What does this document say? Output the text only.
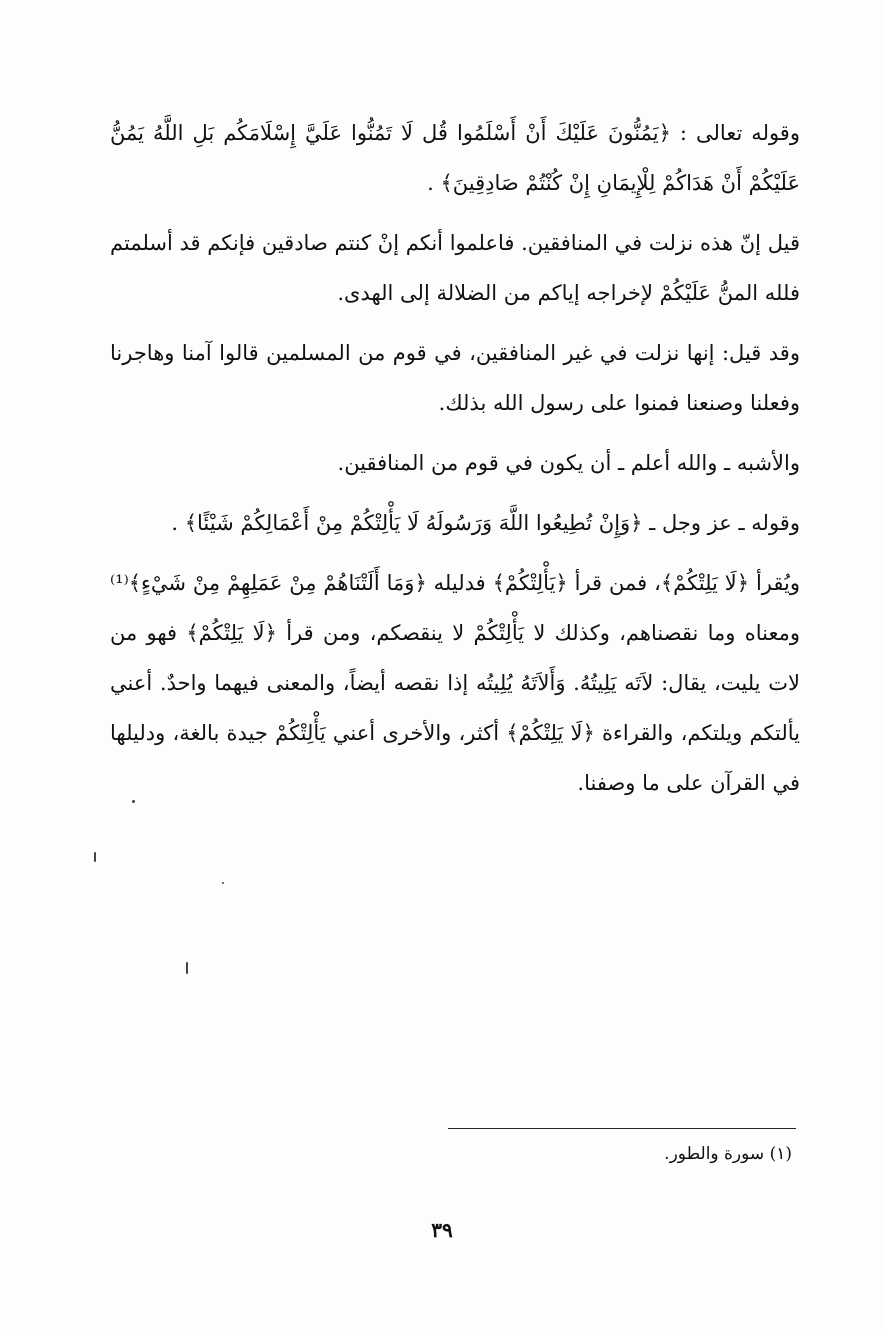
وقوله تعالى : ﴿يَمُنُّونَ عَلَيْكَ أَنْ أَسْلَمُوا قُل لَا تَمُنُّوا عَلَيَّ إِسْلَامَكُم بَلِ اللَّهُ يَمُنُّ عَلَيْكُمْ أَنْ هَدَاكُمْ لِلْإِيمَانِ إِنْ كُنْتُمْ صَادِقِينَ﴾ .

قيل إنّ هذه نزلت في المنافقين. فاعلموا أنكم إنْ كنتم صادقين فإنكم قد أسلمتم فلله المنُّ عَلَيْكُمْ لإخراجه إياكم من الضلالة إلى الهدى.

وقد قيل: إنها نزلت في غير المنافقين، في قوم من المسلمين قالوا آمنا وهاجرنا وفعلنا وصنعنا فمنوا على رسول الله بذلك.

والأشبه ـ والله أعلم ـ أن يكون في قوم من المنافقين.

وقوله ـ عز وجل ـ ﴿وَإِنْ تُطِيعُوا اللَّهَ وَرَسُولَهُ لَا يَأْلِتْكُمْ مِنْ أَعْمَالِكُمْ شَيْئًا﴾ .

ويُقرأ ﴿لَا يَلِتْكُمْ﴾، فمن قرأ ﴿يَأْلِتْكُمْ﴾ فدليله ﴿وَمَا أَلَتْنَاهُمْ مِنْ عَمَلِهِمْ مِنْ شَيْءٍ﴾⁽¹⁾ ومعناه وما نقصناهم، وكذلك لا يَأْلِتْكُمْ لا ينقصكم، ومن قرأ ﴿لَا يَلِتْكُمْ﴾ فهو من لات يليت، يقال: لاَتَه يَلِيتُهُ. وَأَلاَتَهُ يُلِيتُه إذا نقصه أيضاً، والمعنى فيهما واحدٌ. أعني يألتكم ويلتكم، والقراءة ﴿لَا يَلِتْكُمْ﴾ أكثر، والأخرى أعني يَأْلِتْكُمْ جيدة بالغة، ودليلها في القرآن على ما وصفنا.

(١) سورة والطور.
٣٩
